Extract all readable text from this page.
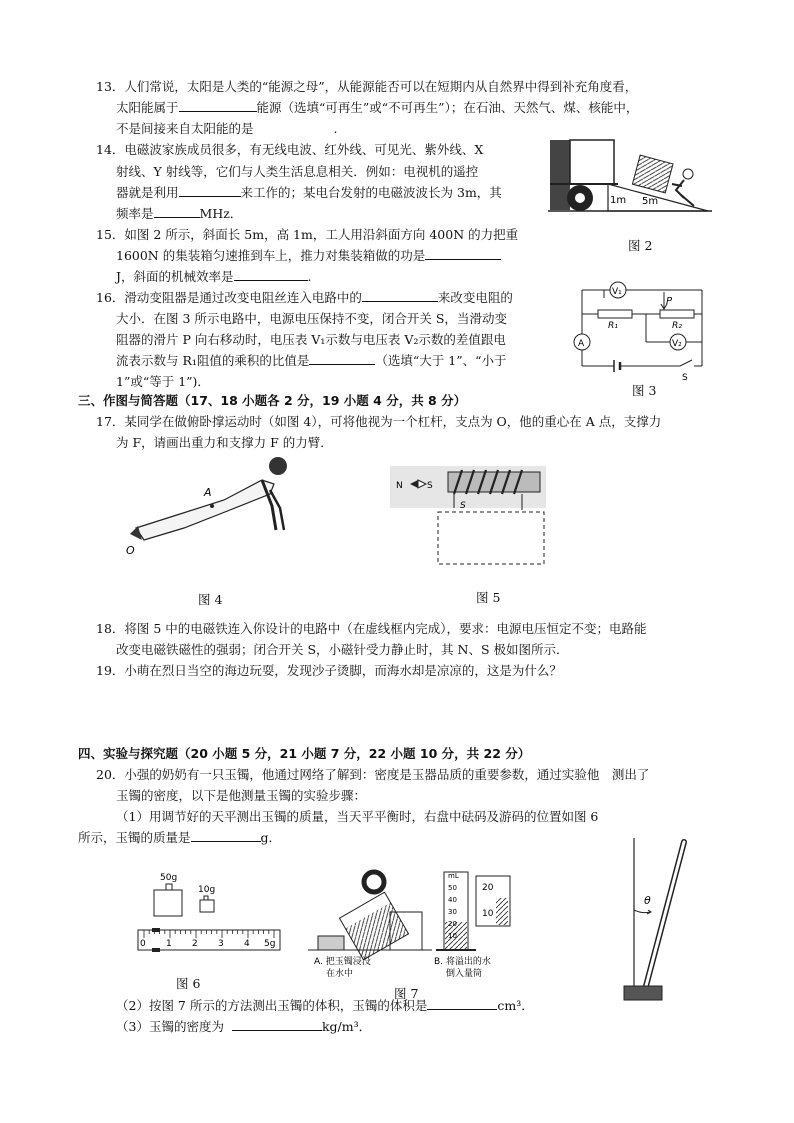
13．人们常说，太阳是人类的“能源之母”，从能源能否可以在短期内从自然界中得到补充角度看，
太阳能属于	能源（选填“可再生”或“不可再生”）；在石油、天然气、煤、核能中，
不是间接来自太阳能的是	.
14．电磁波家族成员很多，有无线电波、红外线、可见光、紫外线、X
射线、Y 射线等，它们与人类生活息息相关．例如：电视机的遥控
器就是利用	来工作的；某电台发射的电磁波波长为 3m，其
频率是	MHz．
15．如图 2 所示，斜面长 5m，高 1m，工人用沿斜面方向 400N 的力把重
1600N 的集装箱匀速推到车上，推力对集装箱做的功是
J，斜面的机械效率是	.
16．滑动变阻器是通过改变电阻丝连入电路中的	来改变电阻的
大小．在图 3 所示电路中，电源电压保持不变，闭合开关 S，当滑动变
阻器的滑片 P 向右移动时，电压表 V₁示数与电压表 V₂示数的差值跟电
流表示数与 R₁阻值的乘积的比值是	（选填“大于 1”、“小于
1”或“等于 1”)．
三、作图与简答题（17、18 小题各 2 分，19 小题 4 分，共 8 分）
17．某同学在做俯卧撑运动时（如图 4），可将他视为一个杠杆，支点为 O，他的重心在 A 点，支撑力
为 F，请画出重力和支撑力 F 的力臂．
18．将图 5 中的电磁铁连入你设计的电路中（在虚线框内完成），要求：电源电压恒定不变；电路能
改变电磁铁磁性的强弱；闭合开关 S，小磁针受力静止时，其 N、S 极如图所示．
19．小萌在烈日当空的海边玩耍，发现沙子烫脚，而海水却是凉凉的，这是为什么？
四、实验与探究题（20 小题 5 分，21 小题 7 分，22 小题 10 分，共 22 分）
20．小强的奶奶有一只玉镯，他通过网络了解到：密度是玉器品质的重要参数，通过实验他　测出了
玉镯的密度，以下是他测量玉镯的实验步骤：
（1）用调节好的天平测出玉镯的质量，当天平平衡时，右盘中砝码及游码的位置如图 6
所示，玉镯的质量是	g．
（2）按图 7 所示的方法测出玉镯的体积，玉镯的体积是	cm³．
（3）玉镯的密度为	kg/m³．
1m 5m
图 2
V₁
V₂
A
P
R₁	R₂
S
图 3
A
O
图 4
N	S
S
图 5
50g
10g
0 1 2 3 4 5g
图 6
A. 把玉镯浸没
在水中
mL
50
40
30
20
10
20
10
B. 将溢出的水
倒入量筒
图 7
θ
